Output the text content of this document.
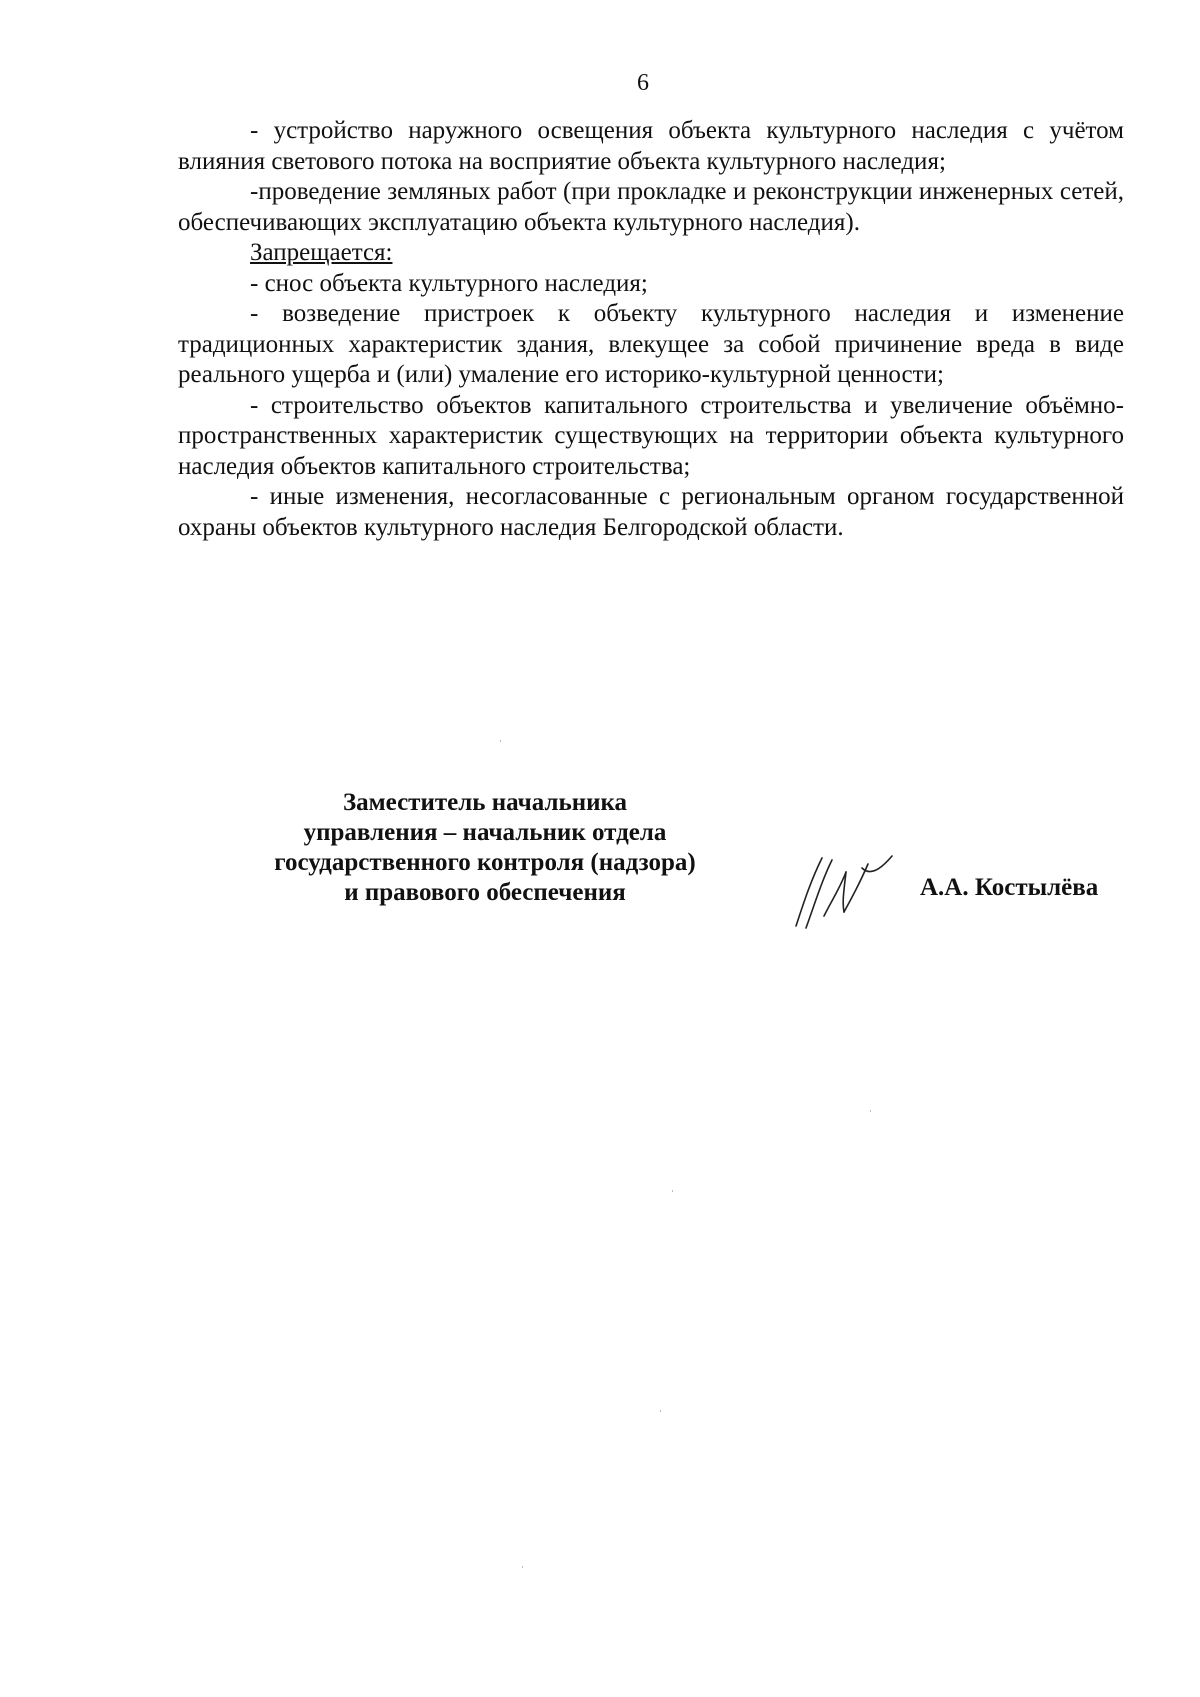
6

- устройство наружного освещения объекта культурного наследия с учётом влияния светового потока на восприятие объекта культурного наследия;

-проведение земляных работ (при прокладке и реконструкции инженерных сетей, обеспечивающих эксплуатацию объекта культурного наследия).

Запрещается:

- снос объекта культурного наследия;

- возведение пристроек к объекту культурного наследия и изменение традиционных характеристик здания, влекущее за собой причинение вреда в виде реального ущерба и (или) умаление его историко-культурной ценности;

- строительство объектов капитального строительства и увеличение объёмно-пространственных характеристик существующих на территории объекта культурного наследия объектов капитального строительства;

- иные изменения, несогласованные с региональным органом государственной охраны объектов культурного наследия Белгородской области.

Заместитель начальника
управления – начальник отдела
государственного контроля (надзора)
и правового обеспечения	А.А. Костылёва
